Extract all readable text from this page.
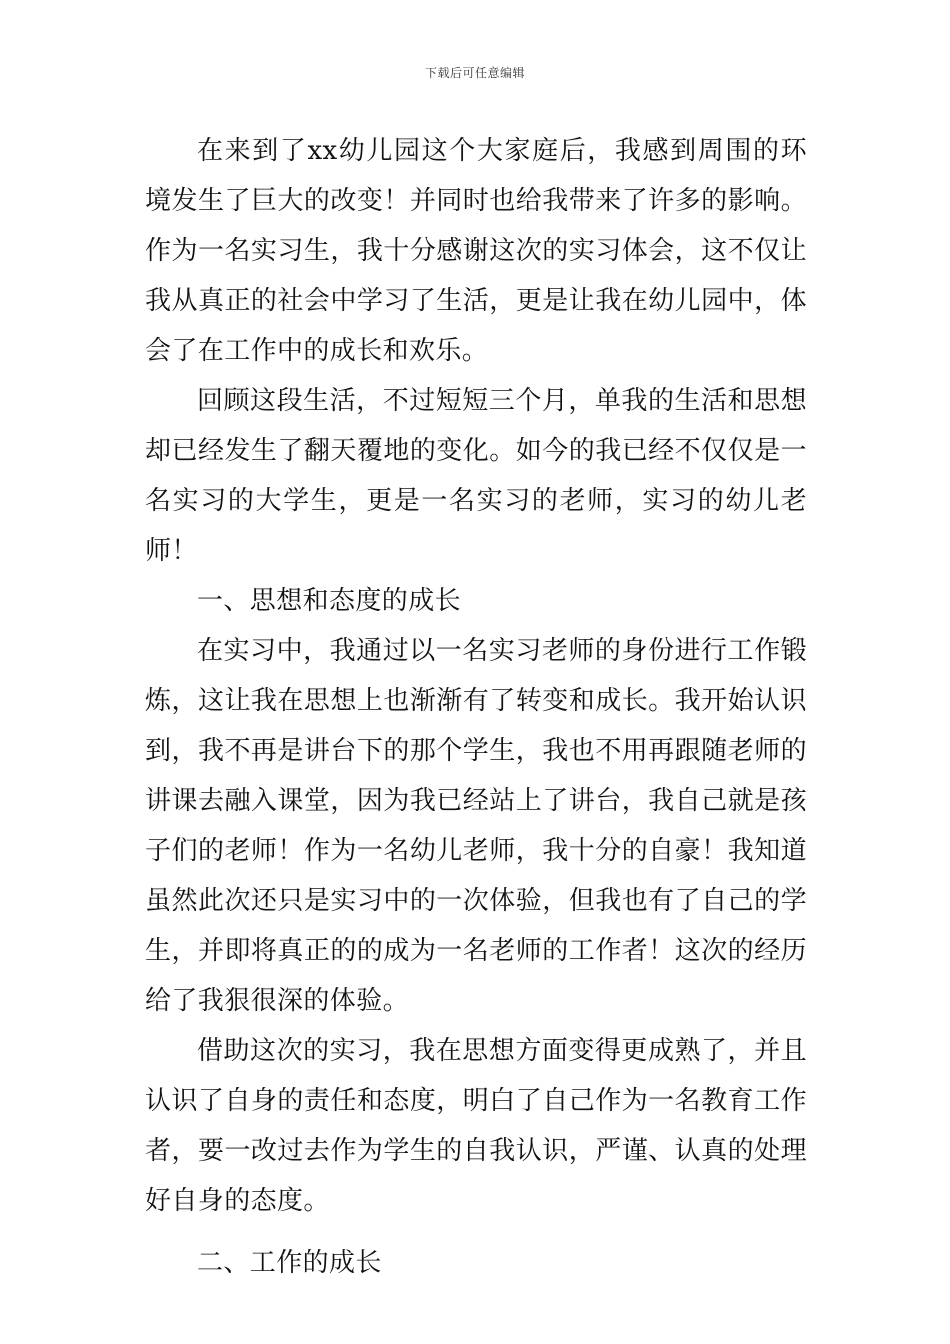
下载后可任意编辑

在来到了xx幼儿园这个大家庭后，我感到周围的环境发生了巨大的改变！并同时也给我带来了许多的影响。作为一名实习生，我十分感谢这次的实习体会，这不仅让我从真正的社会中学习了生活，更是让我在幼儿园中，体会了在工作中的成长和欢乐。

回顾这段生活，不过短短三个月，单我的生活和思想却已经发生了翻天覆地的变化。如今的我已经不仅仅是一名实习的大学生，更是一名实习的老师，实习的幼儿老师！

一、思想和态度的成长

在实习中，我通过以一名实习老师的身份进行工作锻炼，这让我在思想上也渐渐有了转变和成长。我开始认识到，我不再是讲台下的那个学生，我也不用再跟随老师的讲课去融入课堂，因为我已经站上了讲台，我自己就是孩子们的老师！作为一名幼儿老师，我十分的自豪！我知道虽然此次还只是实习中的一次体验，但我也有了自己的学生，并即将真正的的成为一名老师的工作者！这次的经历给了我狠很深的体验。

借助这次的实习，我在思想方面变得更成熟了，并且认识了自身的责任和态度，明白了自己作为一名教育工作者，要一改过去作为学生的自我认识，严谨、认真的处理好自身的态度。

二、工作的成长
